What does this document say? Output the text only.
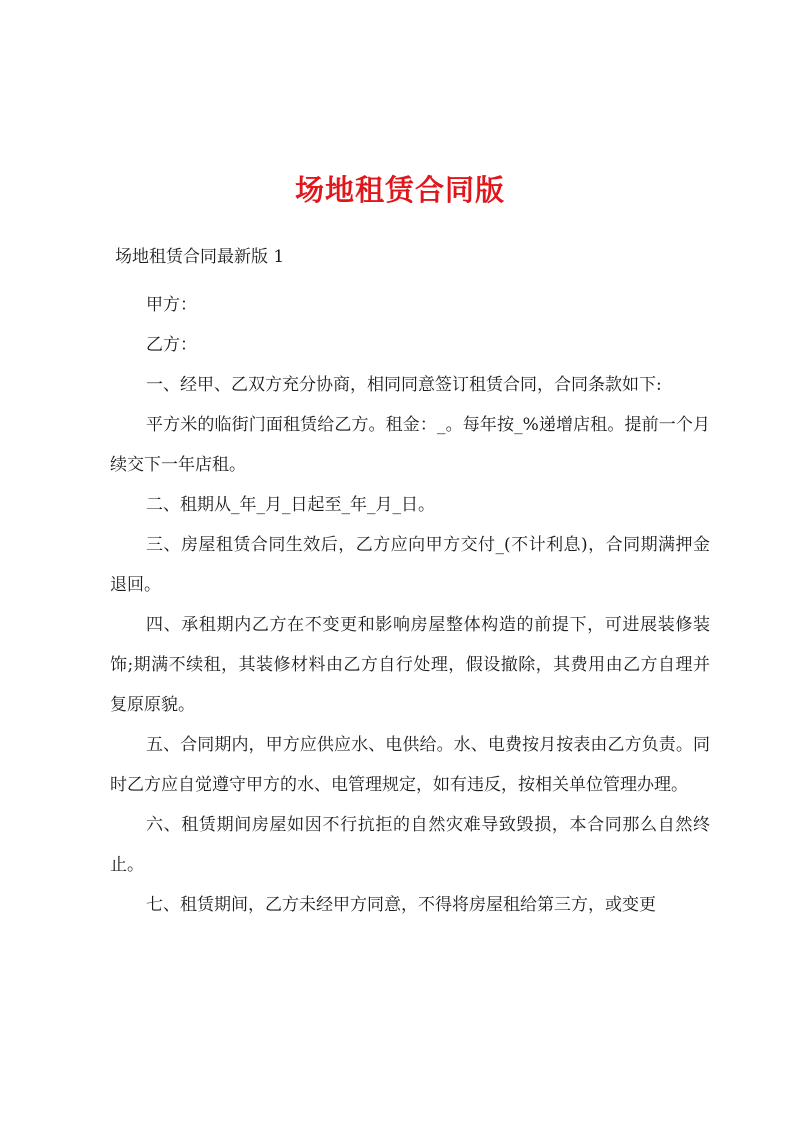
场地租赁合同版
场地租赁合同最新版 1

甲方：

乙方：

一、经甲、乙双方充分协商，相同同意签订租赁合同，合同条款如下:

平方米的临街门面租赁给乙方。租金：_。每年按_%递增店租。提前一个月续交下一年店租。

二、租期从_年_月_日起至_年_月_日。

三、房屋租赁合同生效后，乙方应向甲方交付_(不计利息)，合同期满押金退回。

四、承租期内乙方在不变更和影响房屋整体构造的前提下，可进展装修装饰;期满不续租，其装修材料由乙方自行处理，假设撤除，其费用由乙方自理并复原原貌。

五、合同期内，甲方应供应水、电供给。水、电费按月按表由乙方负责。同时乙方应自觉遵守甲方的水、电管理规定，如有违反，按相关单位管理办理。

六、租赁期间房屋如因不行抗拒的自然灾难导致毁损，本合同那么自然终止。

七、租赁期间，乙方未经甲方同意，不得将房屋租给第三方，或变更
